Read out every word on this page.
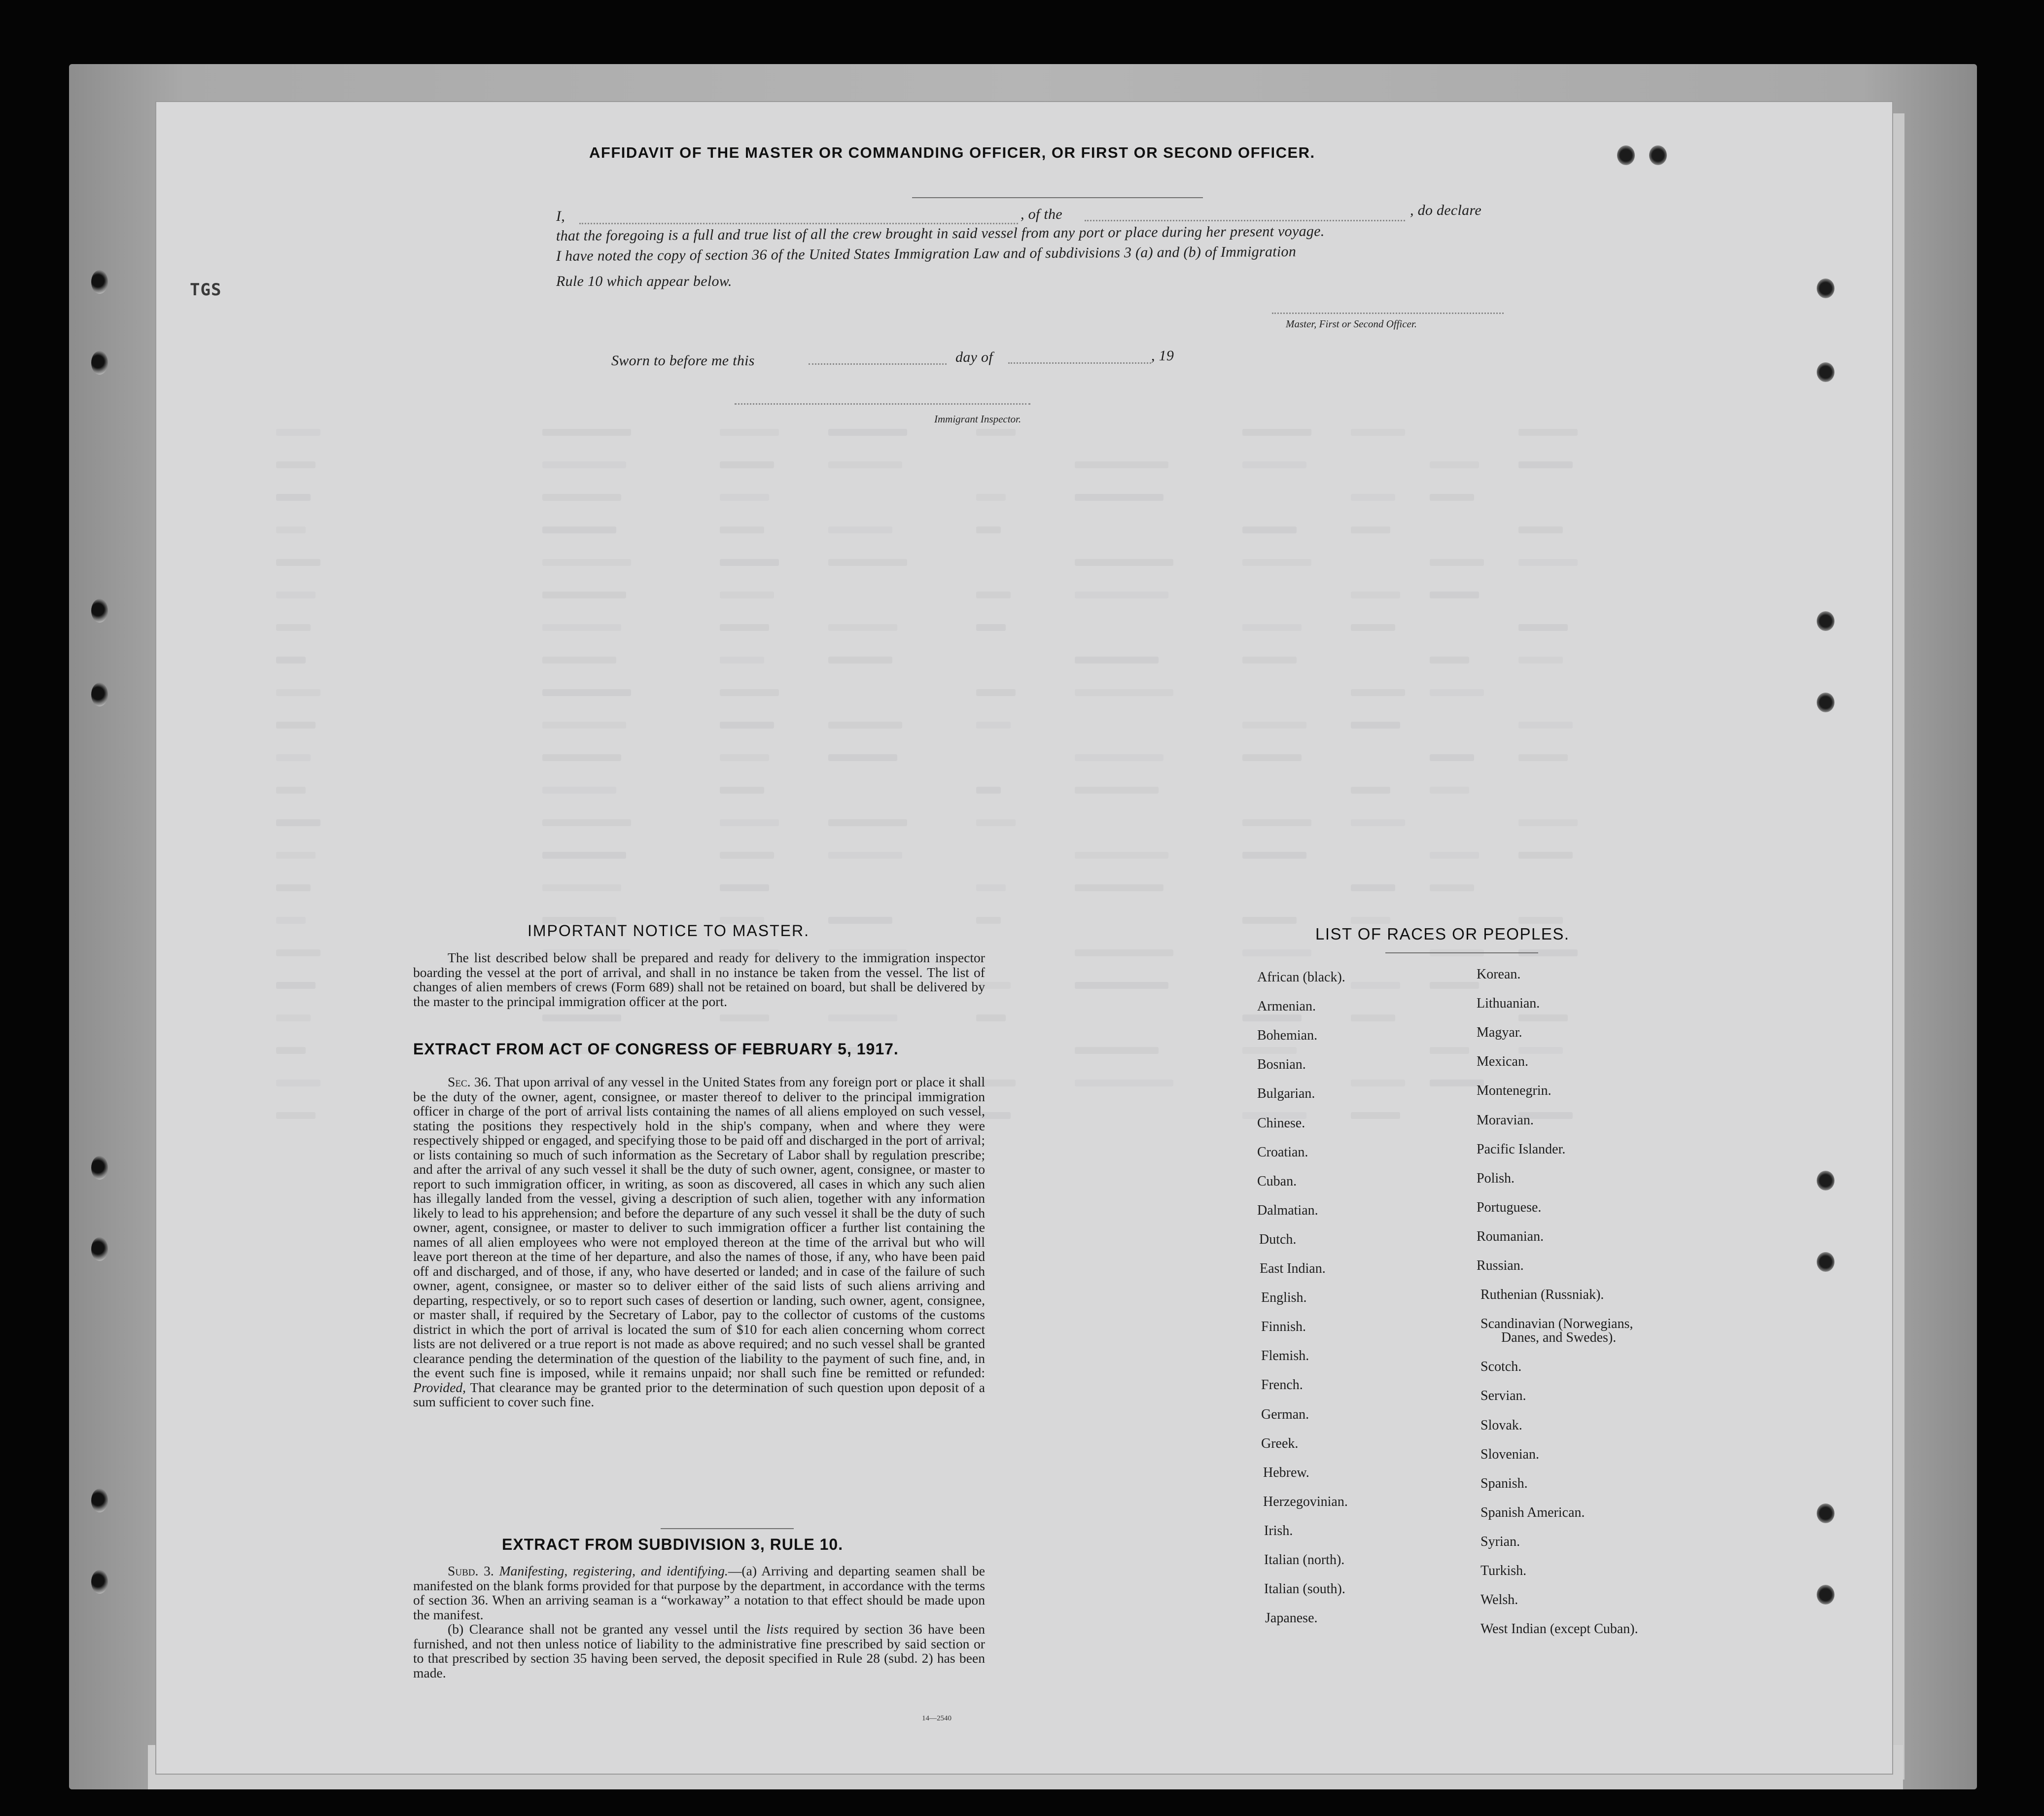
TGS
AFFIDAVIT OF THE MASTER OR COMMANDING OFFICER, OR FIRST OR SECOND OFFICER.
I,	, of the	, do declare
that the foregoing is a full and true list of all the crew brought in said vessel from any port or place during her present voyage.
I have noted the copy of section 36 of the United States Immigration Law and of subdivisions 3 (a) and (b) of Immigration
Rule 10 which appear below.
Master, First or Second Officer.
Sworn to before me this	day of	, 19
Immigrant Inspector.
IMPORTANT NOTICE TO MASTER.

The list described below shall be prepared and ready for delivery to the immigration inspector boarding the vessel at the port of arrival, and shall in no instance be taken from the vessel. The list of changes of alien members of crews (Form 689) shall not be retained on board, but shall be delivered by the master to the principal immigration officer at the port.

EXTRACT FROM ACT OF CONGRESS OF FEBRUARY 5, 1917.

Sec. 36. That upon arrival of any vessel in the United States from any foreign port or place it shall be the duty of the owner, agent, consignee, or master thereof to deliver to the principal immigration officer in charge of the port of arrival lists containing the names of all aliens employed on such vessel, stating the positions they respectively hold in the ship's company, when and where they were respectively shipped or engaged, and specifying those to be paid off and discharged in the port of arrival; or lists containing so much of such information as the Secretary of Labor shall by regulation prescribe; and after the arrival of any such vessel it shall be the duty of such owner, agent, consignee, or master to report to such immigration officer, in writing, as soon as discovered, all cases in which any such alien has illegally landed from the vessel, giving a description of such alien, together with any information likely to lead to his apprehension; and before the departure of any such vessel it shall be the duty of such owner, agent, consignee, or master to deliver to such immigration officer a further list containing the names of all alien employees who were not employed thereon at the time of the arrival but who will leave port thereon at the time of her departure, and also the names of those, if any, who have been paid off and discharged, and of those, if any, who have deserted or landed; and in case of the failure of such owner, agent, consignee, or master so to deliver either of the said lists of such aliens arriving and departing, respectively, or so to report such cases of desertion or landing, such owner, agent, consignee, or master shall, if required by the Secretary of Labor, pay to the collector of customs of the customs district in which the port of arrival is located the sum of $10 for each alien concerning whom correct lists are not delivered or a true report is not made as above required; and no such vessel shall be granted clearance pending the determination of the question of the liability to the payment of such fine, and, in the event such fine is imposed, while it remains unpaid; nor shall such fine be remitted or refunded: Provided, That clearance may be granted prior to the determination of such question upon deposit of a sum sufficient to cover such fine.

EXTRACT FROM SUBDIVISION 3, RULE 10.

Subd. 3. Manifesting, registering, and identifying.—(a) Arriving and departing seamen shall be manifested on the blank forms provided for that purpose by the department, in accordance with the terms of section 36. When an arriving seaman is a “workaway” a notation to that effect should be made upon the manifest.

(b) Clearance shall not be granted any vessel until the lists required by section 36 have been furnished, and not then unless notice of liability to the administrative fine prescribed by said section or to that prescribed by section 35 having been served, the deposit specified in Rule 28 (subd. 2) has been made.

14—2540
LIST OF RACES OR PEOPLES.
African (black).
Armenian.
Bohemian.
Bosnian.
Bulgarian.
Chinese.
Croatian.
Cuban.
Dalmatian.
Dutch.
East Indian.
English.
Finnish.
Flemish.
French.
German.
Greek.
Hebrew.
Herzegovinian.
Irish.
Italian (north).
Italian (south).
Japanese.
Korean.
Lithuanian.
Magyar.
Mexican.
Montenegrin.
Moravian.
Pacific Islander.
Polish.
Portuguese.
Roumanian.
Russian.
Ruthenian (Russniak).
Scandinavian (Norwegians,
Danes, and Swedes).
Scotch.
Servian.
Slovak.
Slovenian.
Spanish.
Spanish American.
Syrian.
Turkish.
Welsh.
West Indian (except Cuban).
